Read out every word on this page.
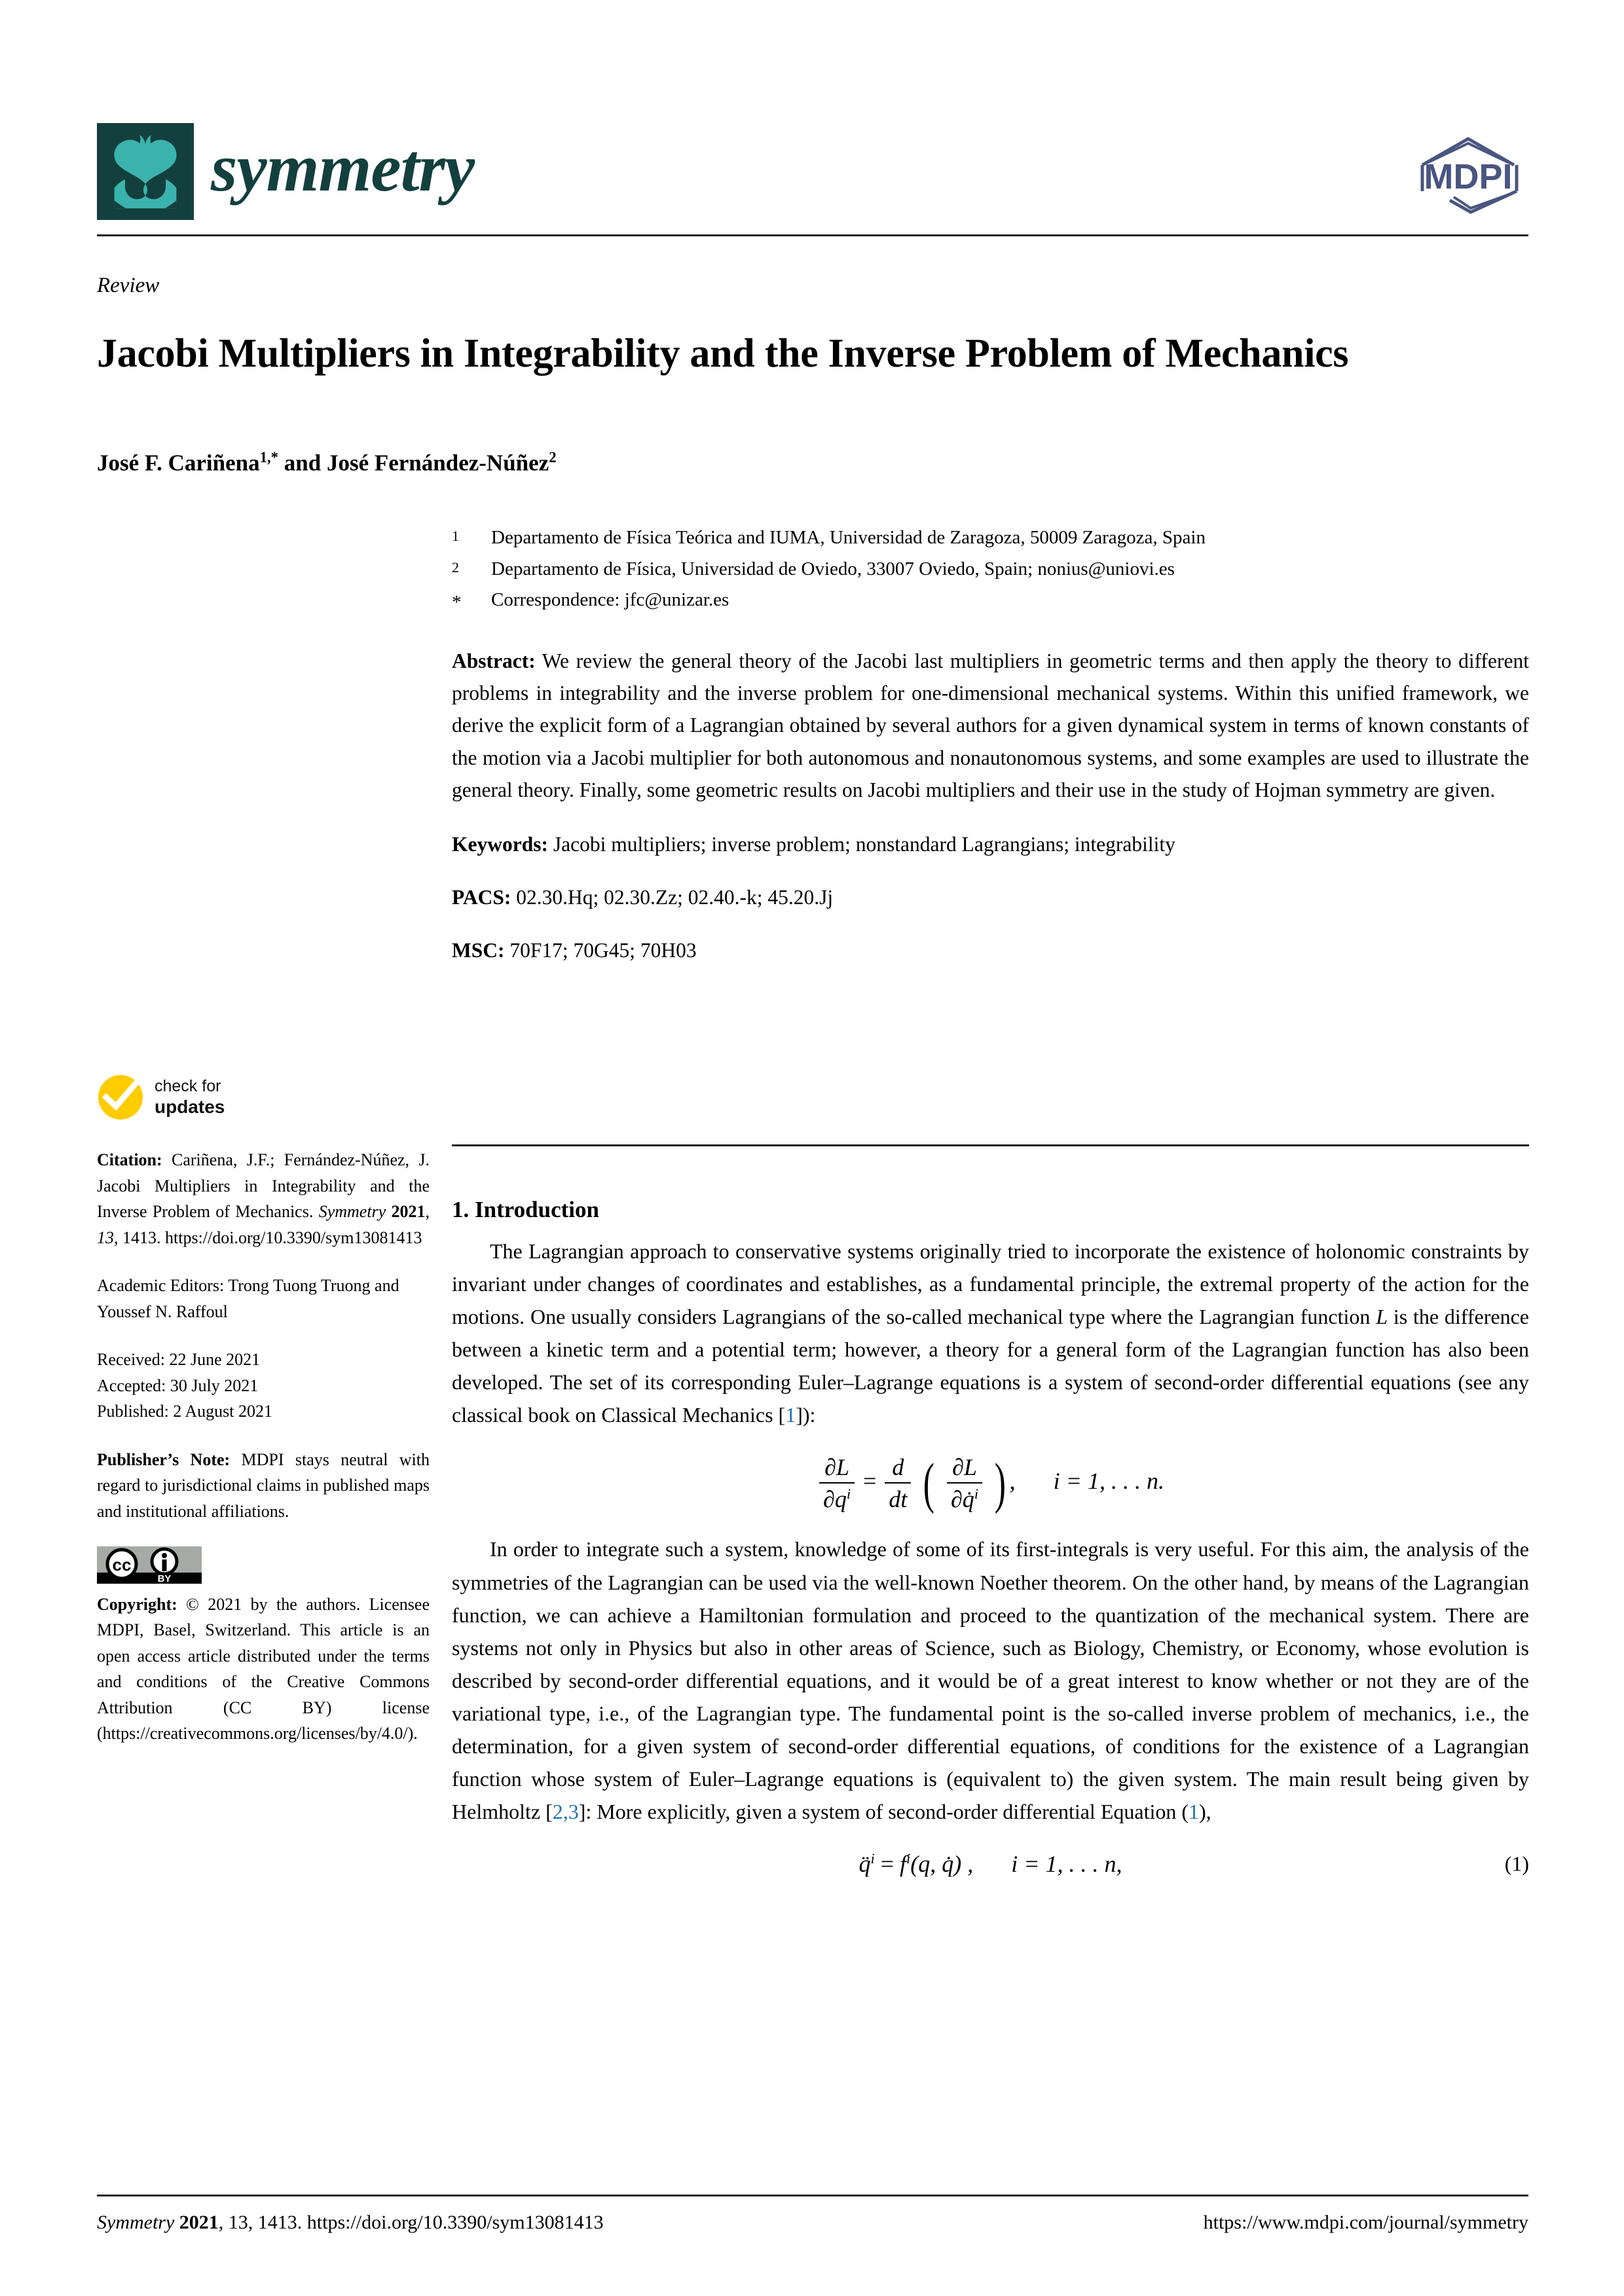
symmetry	MDPI
Review
Jacobi Multipliers in Integrability and the Inverse Problem of Mechanics
José F. Cariñena$^{1,*}$ and José Fernández-Núñez$^2$
1	Departamento de Física Teórica and IUMA, Universidad de Zaragoza, 50009 Zaragoza, Spain
2	Departamento de Física, Universidad de Oviedo, 33007 Oviedo, Spain; nonius@uniovi.es
*	Correspondence: jfc@unizar.es
Abstract: We review the general theory of the Jacobi last multipliers in geometric terms and then apply the theory to different problems in integrability and the inverse problem for one-dimensional mechanical systems. Within this unified framework, we derive the explicit form of a Lagrangian obtained by several authors for a given dynamical system in terms of known constants of the motion via a Jacobi multiplier for both autonomous and nonautonomous systems, and some examples are used to illustrate the general theory. Finally, some geometric results on Jacobi multipliers and their use in the study of Hojman symmetry are given.
Keywords: Jacobi multipliers; inverse problem; nonstandard Lagrangians; integrability
PACS: 02.30.Hq; 02.30.Zz; 02.40.-k; 45.20.Jj
MSC: 70F17; 70G45; 70H03
1. Introduction

The Lagrangian approach to conservative systems originally tried to incorporate the existence of holonomic constraints by invariant under changes of coordinates and establishes, as a fundamental principle, the extremal property of the action for the motions. One usually considers Lagrangians of the so-called mechanical type where the Lagrangian function L is the difference between a kinetic term and a potential term; however, a theory for a general form of the Lagrangian function has also been developed. The set of its corresponding Euler–Lagrange equations is a system of second-order differential equations (see any classical book on Classical Mechanics [1]):

$\frac{\partial L}{\partial q^i} = \frac{d}{dt}$ ( $\frac{\partial L}{\partial q̇^i}$ ) , i = 1, . . . n.

In order to integrate such a system, knowledge of some of its first-integrals is very useful. For this aim, the analysis of the symmetries of the Lagrangian can be used via the well-known Noether theorem. On the other hand, by means of the Lagrangian function, we can achieve a Hamiltonian formulation and proceed to the quantization of the mechanical system. There are systems not only in Physics but also in other areas of Science, such as Biology, Chemistry, or Economy, whose evolution is described by second-order differential equations, and it would be of a great interest to know whether or not they are of the variational type, i.e., of the Lagrangian type. The fundamental point is the so-called inverse problem of mechanics, i.e., the determination, for a given system of second-order differential equations, of conditions for the existence of a Lagrangian function whose system of Euler–Lagrange equations is (equivalent to) the given system. The main result being given by Helmholtz [2,3]: More explicitly, given a system of second-order differential Equation (1),

q̈$^i$ = $f^i(q$, q̇) , i = 1, . . . n,	(1)
check for
updates
Citation: Cariñena, J.F.; Fernández-Núñez, J. Jacobi Multipliers in Integrability and the Inverse Problem of Mechanics. Symmetry 2021, 13, 1413. https://doi.org/10.3390/sym13081413
Academic Editors: Trong Tuong Truong and Youssef N. Raffoul
Received: 22 June 2021
Accepted: 30 July 2021
Published: 2 August 2021
Publisher’s Note: MDPI stays neutral with regard to jurisdictional claims in published maps and institutional affiliations.
cc
BY
Copyright: © 2021 by the authors. Licensee MDPI, Basel, Switzerland. This article is an open access article distributed under the terms and conditions of the Creative Commons Attribution (CC BY) license (https://creativecommons.org/licenses/by/4.0/).
Symmetry 2021, 13, 1413. https://doi.org/10.3390/sym13081413	https://www.mdpi.com/journal/symmetry
